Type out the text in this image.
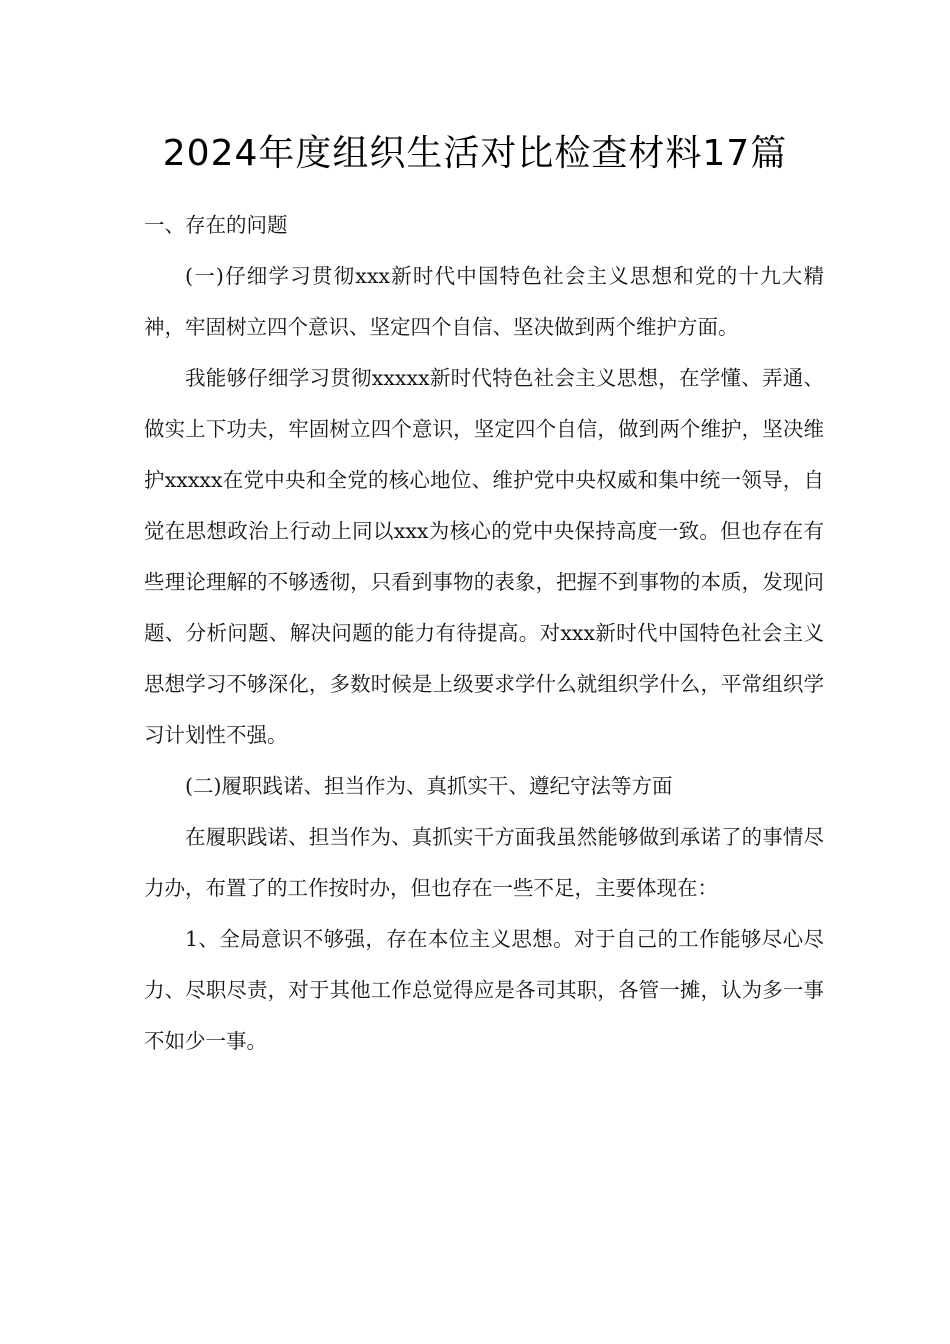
2024年度组织生活对比检查材料17篇

一、存在的问题

(一)仔细学习贯彻xxx新时代中国特色社会主义思想和党的十九大精神，牢固树立四个意识、坚定四个自信、坚决做到两个维护方面。

我能够仔细学习贯彻xxxxx新时代特色社会主义思想，在学懂、弄通、做实上下功夫，牢固树立四个意识，坚定四个自信，做到两个维护，坚决维护xxxxx在党中央和全党的核心地位、维护党中央权威和集中统一领导，自觉在思想政治上行动上同以xxx为核心的党中央保持高度一致。但也存在有些理论理解的不够透彻，只看到事物的表象，把握不到事物的本质，发现问题、分析问题、解决问题的能力有待提高。对xxx新时代中国特色社会主义思想学习不够深化，多数时候是上级要求学什么就组织学什么，平常组织学习计划性不强。

(二)履职践诺、担当作为、真抓实干、遵纪守法等方面

在履职践诺、担当作为、真抓实干方面我虽然能够做到承诺了的事情尽力办，布置了的工作按时办，但也存在一些不足，主要体现在：

1、全局意识不够强，存在本位主义思想。对于自己的工作能够尽心尽力、尽职尽责，对于其他工作总觉得应是各司其职，各管一摊，认为多一事不如少一事。
